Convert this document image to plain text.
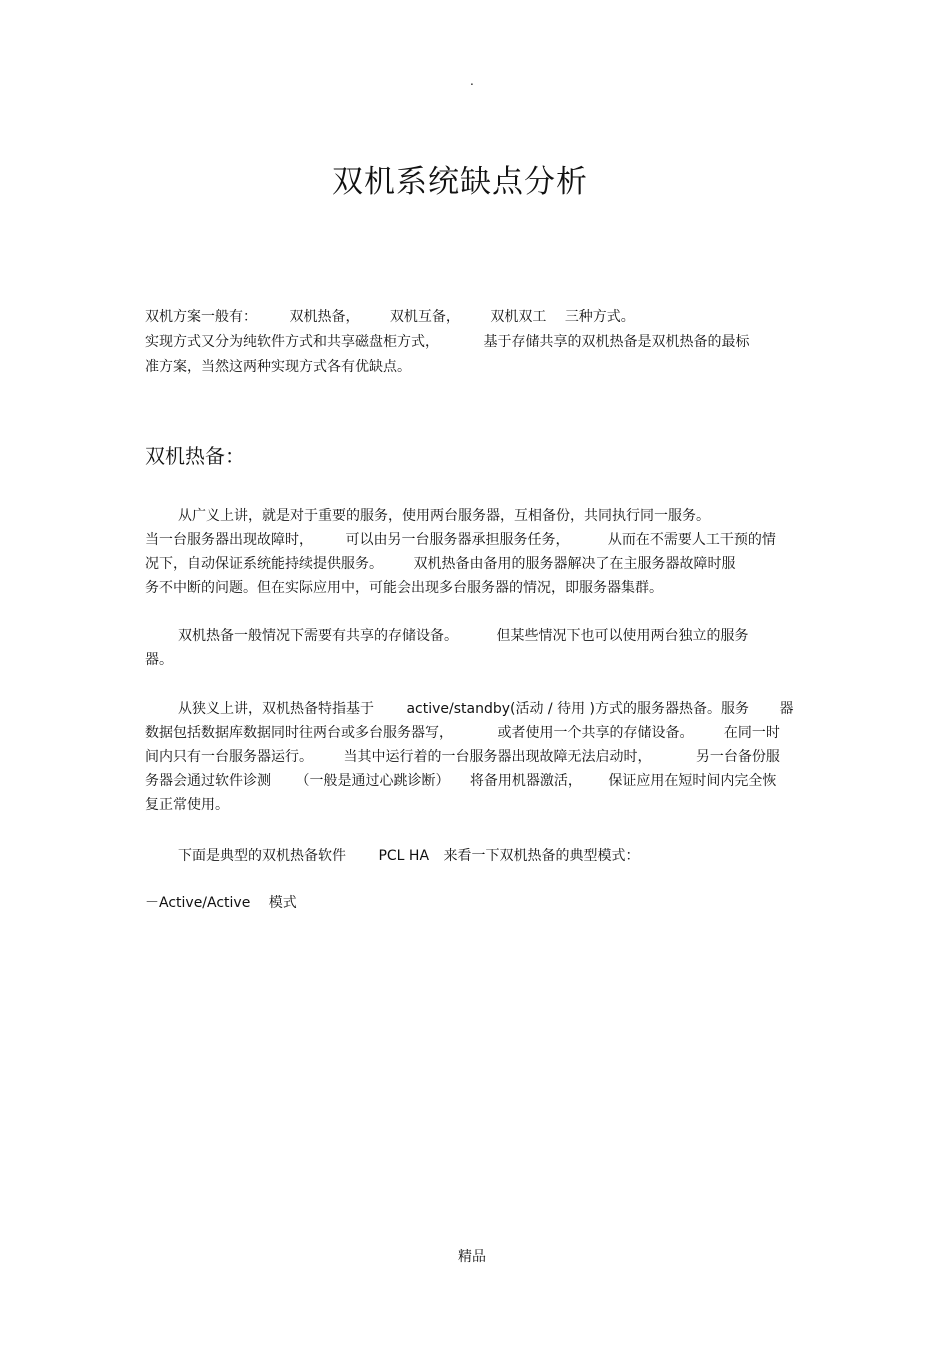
.
双机系统缺点分析
双机方案一般有： 双机热备， 双机互备， 双机双工 三种方式。
实现方式又分为纯软件方式和共享磁盘柜方式，	基于存储共享的双机热备是双机热备的最标
准方案，当然这两种实现方式各有优缺点。
双机热备：
从广义上讲，就是对于重要的服务，使用两台服务器，互相备份，共同执行同一服务。
当一台服务器出现故障时， 可以由另一台服务器承担服务任务，	从而在不需要人工干预的情
况下，自动保证系统能持续提供服务。 双机热备由备用的服务器解决了在主服务器故障时服
务不中断的问题。但在实际应用中，可能会出现多台服务器的情况，即服务器集群。
双机热备一般情况下需要有共享的存储设备。	但某些情况下也可以使用两台独立的服务
器。
从狭义上讲，双机热备特指基于 active/standby(活动 / 待用 )方式的服务器热备。服务 器
数据包括数据库数据同时往两台或多台服务器写，	或者使用一个共享的存储设备。 在同一时
间内只有一台服务器运行。 当其中运行着的一台服务器出现故障无法启动时，	另一台备份服
务器会通过软件诊测 （一般是通过心跳诊断） 将备用机器激活， 保证应用在短时间内完全恢
复正常使用。
下面是典型的双机热备软件 PCL HA 来看一下双机热备的典型模式：
－Active/Active 模式
精品
